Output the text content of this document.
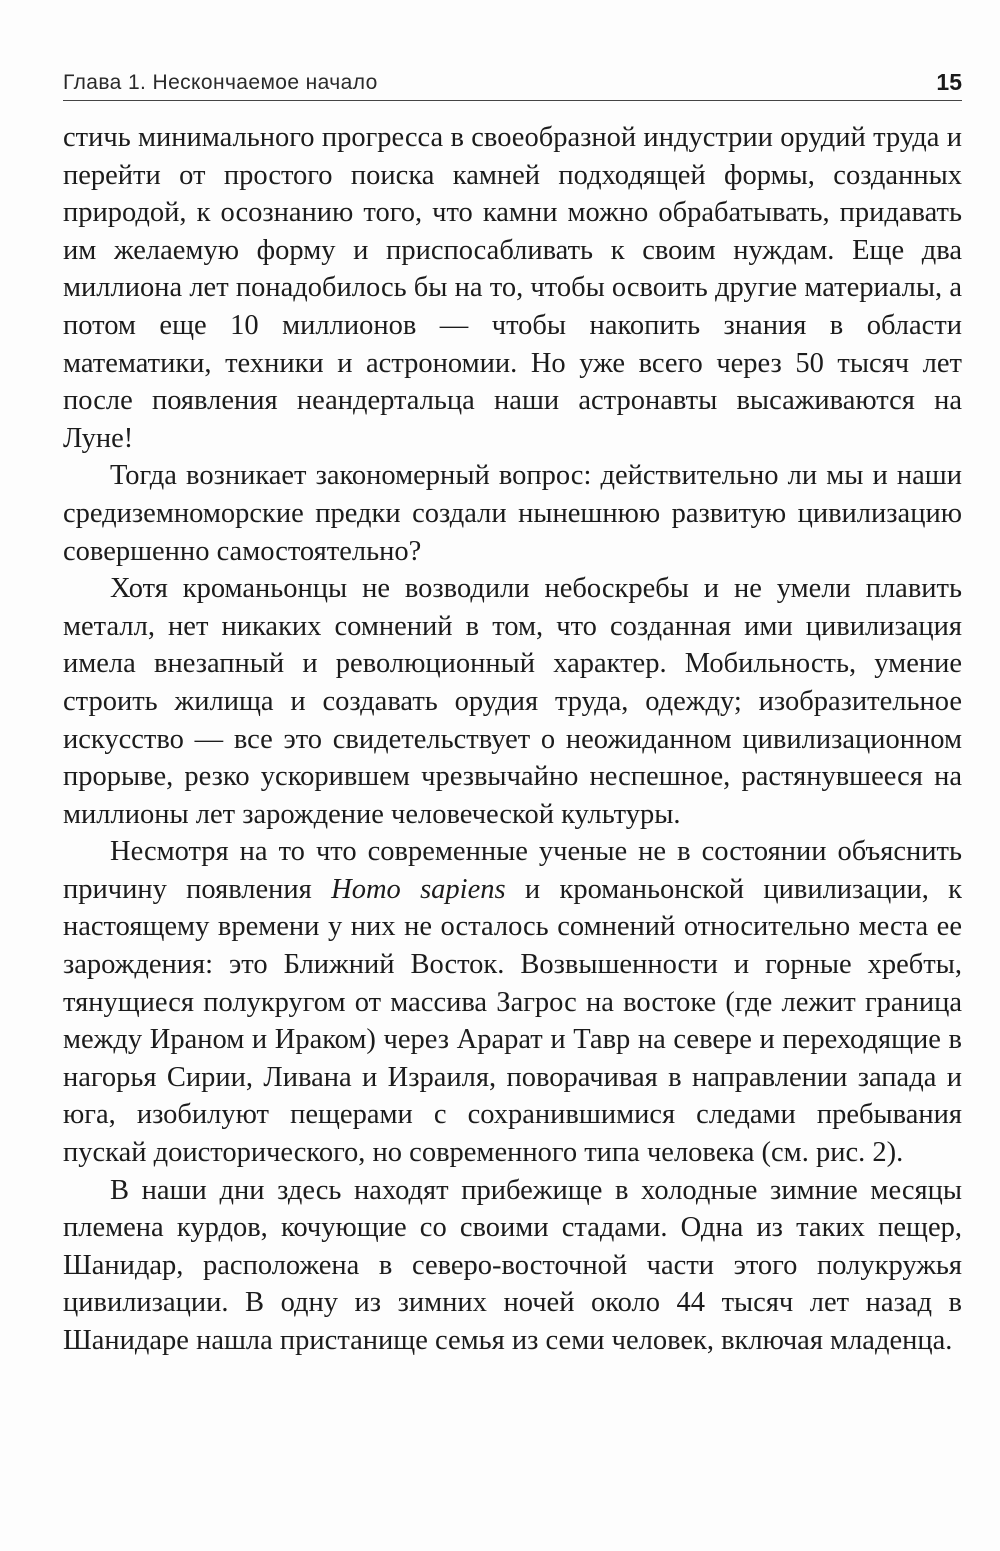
Глава 1. Нескончаемое начало	15

стичь минимального прогресса в своеобразной индустрии орудий труда и перейти от простого поиска камней подходящей формы, созданных природой, к осознанию того, что камни можно обрабатывать, придавать им желаемую форму и приспосабливать к своим нуждам. Еще два миллиона лет понадобилось бы на то, чтобы освоить другие материалы, а потом еще 10 миллионов — чтобы накопить знания в области математики, техники и астрономии. Но уже всего через 50 тысяч лет после появления неандертальца наши астронавты высаживаются на Луне!

Тогда возникает закономерный вопрос: действительно ли мы и наши средиземноморские предки создали нынешнюю развитую цивилизацию совершенно самостоятельно?

Хотя кроманьонцы не возводили небоскребы и не умели плавить металл, нет никаких сомнений в том, что созданная ими цивилизация имела внезапный и революционный характер. Мобильность, умение строить жилища и создавать орудия труда, одежду; изобразительное искусство — все это свидетельствует о неожиданном цивилизационном прорыве, резко ускорившем чрезвычайно неспешное, растянувшееся на миллионы лет зарождение человеческой культуры.

Несмотря на то что современные ученые не в состоянии объяснить причину появления Homo sapiens и кроманьонской цивилизации, к настоящему времени у них не осталось сомнений относительно места ее зарождения: это Ближний Восток. Возвышенности и горные хребты, тянущиеся полукругом от массива Загрос на востоке (где лежит граница между Ираном и Ираком) через Арарат и Тавр на севере и переходящие в нагорья Сирии, Ливана и Израиля, поворачивая в направлении запада и юга, изобилуют пещерами с сохранившимися следами пребывания пускай доисторического, но современного типа человека (см. рис. 2).

В наши дни здесь находят прибежище в холодные зимние месяцы племена курдов, кочующие со своими стадами. Одна из таких пещер, Шанидар, расположена в северо-восточной части этого полукружья цивилизации. В одну из зимних ночей около 44 тысяч лет назад в Шанидаре нашла пристанище семья из семи человек, включая младенца.
